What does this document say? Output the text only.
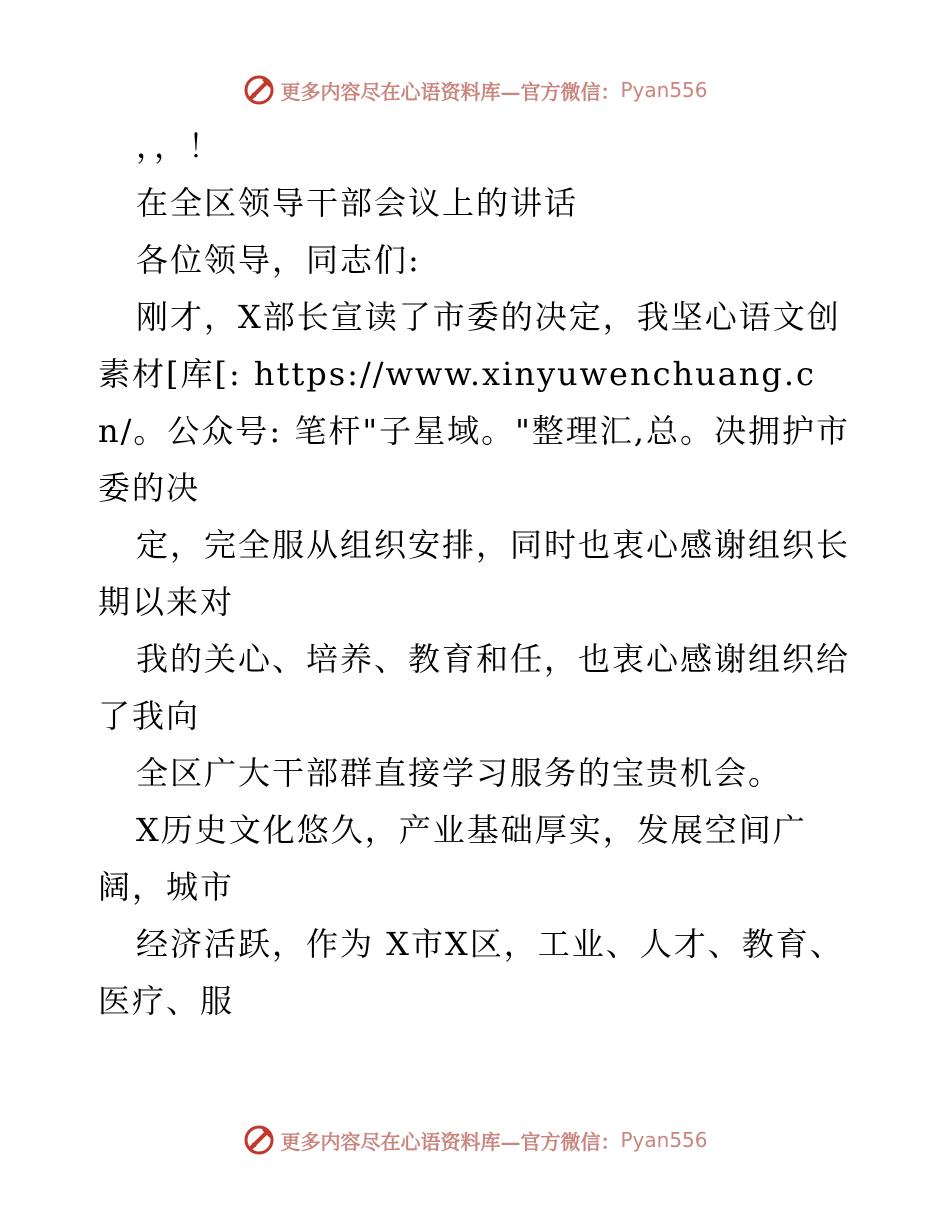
更多内容尽在心语资料库—官方微信： Pyan556

，，！

在全区领导干部会议上的讲话

各位领导，同志们:

刚才，X部长宣读了市委的决定，我坚心语文创素材[库[: https://www.xinyuwenchuang.cn/。公众号: 笔杆"子星域。"整理汇,总。决拥护市委的决

定，完全服从组织安排，同时也衷心感谢组织长期以来对

我的关心、培养、教育和任，也衷心感谢组织给了我向

全区广大干部群直接学习服务的宝贵机会。

X历史文化悠久，产业基础厚实，发展空间广阔，城市

经济活跃，作为 X市X区，工业、人才、教育、医疗、服

更多内容尽在心语资料库—官方微信： Pyan556
